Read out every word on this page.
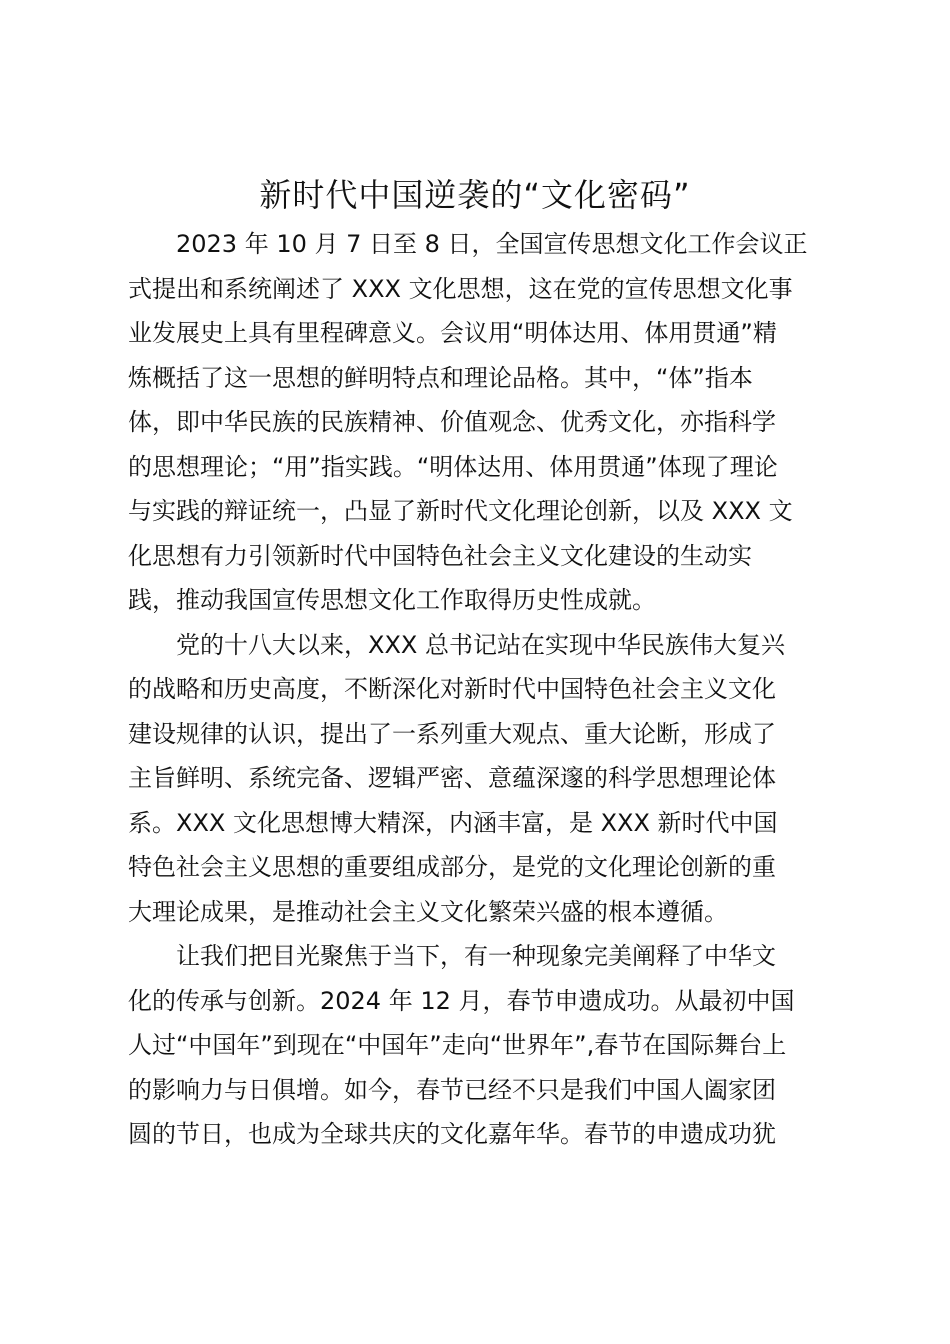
新时代中国逆袭的“文化密码”
2023 年 10 月 7 日至 8 日，全国宣传思想文化工作会议正
式提出和系统阐述了 XXX 文化思想，这在党的宣传思想文化事
业发展史上具有里程碑意义。会议用“明体达用、体用贯通”精
炼概括了这一思想的鲜明特点和理论品格。其中，“体”指本
体，即中华民族的民族精神、价值观念、优秀文化，亦指科学
的思想理论；“用”指实践。“明体达用、体用贯通”体现了理论
与实践的辩证统一，凸显了新时代文化理论创新，以及 XXX 文
化思想有力引领新时代中国特色社会主义文化建设的生动实
践，推动我国宣传思想文化工作取得历史性成就。
党的十八大以来，XXX 总书记站在实现中华民族伟大复兴
的战略和历史高度，不断深化对新时代中国特色社会主义文化
建设规律的认识，提出了一系列重大观点、重大论断，形成了
主旨鲜明、系统完备、逻辑严密、意蕴深邃的科学思想理论体
系。XXX 文化思想博大精深，内涵丰富，是 XXX 新时代中国
特色社会主义思想的重要组成部分，是党的文化理论创新的重
大理论成果，是推动社会主义文化繁荣兴盛的根本遵循。
让我们把目光聚焦于当下，有一种现象完美阐释了中华文
化的传承与创新。2024 年 12 月，春节申遗成功。从最初中国
人过“中国年”到现在“中国年”走向“世界年”,春节在国际舞台上
的影响力与日俱增。如今，春节已经不只是我们中国人阖家团
圆的节日，也成为全球共庆的文化嘉年华。春节的申遗成功犹
